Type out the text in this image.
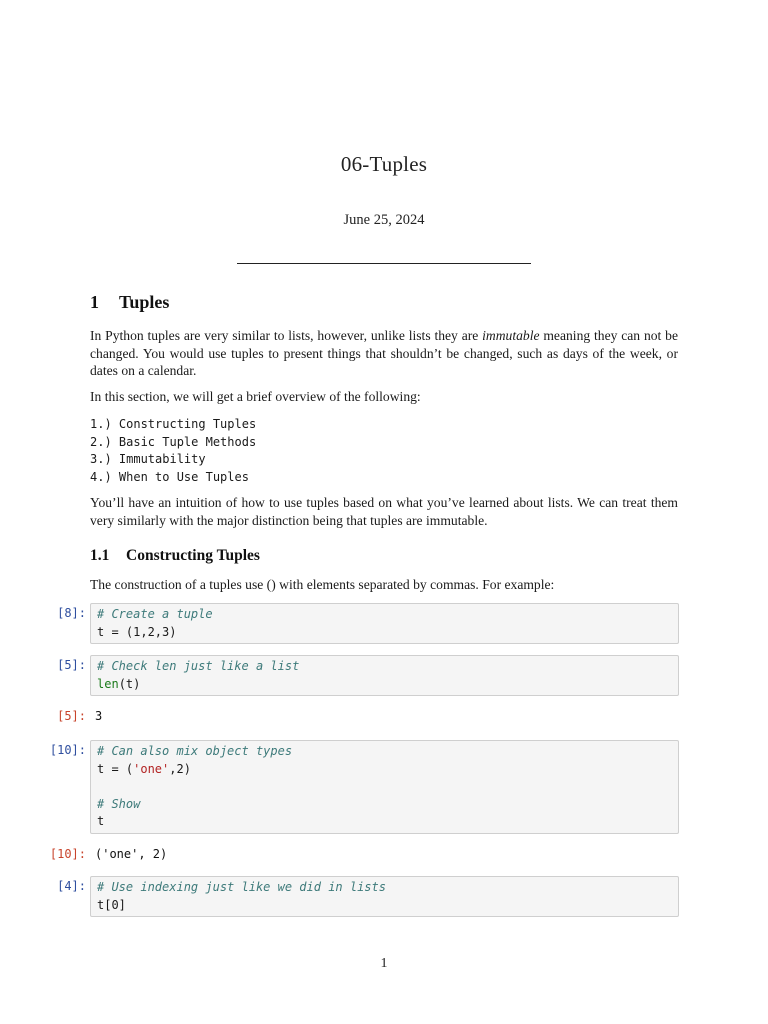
06-Tuples
June 25, 2024
1 Tuples
In Python tuples are very similar to lists, however, unlike lists they are immutable meaning they can not be changed. You would use tuples to present things that shouldn’t be changed, such as days of the week, or dates on a calendar.
In this section, we will get a brief overview of the following:
1.) Constructing Tuples
2.) Basic Tuple Methods
3.) Immutability
4.) When to Use Tuples
You’ll have an intuition of how to use tuples based on what you’ve learned about lists. We can treat them very similarly with the major distinction being that tuples are immutable.
1.1 Constructing Tuples
The construction of a tuples use () with elements separated by commas. For example:
[8]: # Create a tuple
t = (1,2,3)
[5]: # Check len just like a list
len(t)
[5]: 3
[10]: # Can also mix object types
t = ('one',2)
# Show
t
[10]: ('one', 2)
[4]: # Use indexing just like we did in lists
t[0]
1
